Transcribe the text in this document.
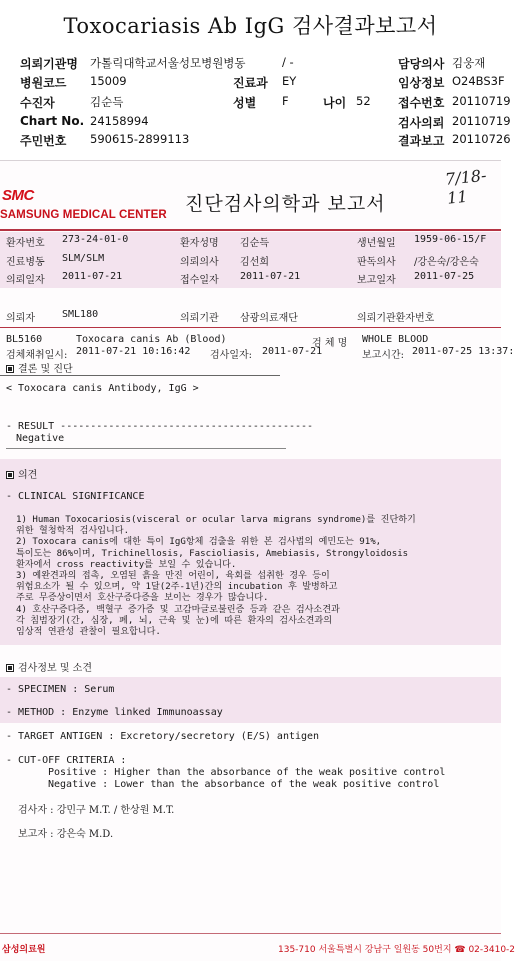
Toxocariasis Ab IgG 검사결과보고서
의뢰기관명 가톨릭대학교서울성모병원병동	/ -	담당의사 김웅재
병원코드 15009	진료과 EY	임상정보 O24BS3F
수진자	김순득	성별 F	나이 52 접수번호 20110719
Chart No. 24158994	검사의뢰 20110719
주민번호 590615-2899113	결과보고 20110726
7/18-11
SMC
SAMSUNG MEDICAL CENTER 진단검사의학과 보고서
환자번호 273-24-01-0	환자성명 김순득	생년월일 1959-06-15/F
진료병동 SLM/SLM	의뢰의사 김선희	판독의사 /강은숙/강은숙
의뢰일자 2011-07-21	접수일자 2011-07-21	보고일자 2011-07-25
의뢰자	SML180	의뢰기관 삼광의료재단	의뢰기관환자번호
BL5160	Toxocara canis Ab (Blood)	검 체 명 WHOLE BLOOD
검체채취일시: 2011-07-21 10:16:42 검사일자: 2011-07-21	보고시간: 2011-07-25 13:37:
결론 및 진단
< Toxocara canis Antibody, IgG >
- RESULT ------------------------------------------
Negative
의견
- CLINICAL SIGNIFICANCE
1) Human Toxocariosis(visceral or ocular larva migrans syndrome)를 진단하기
위한 혈청학적 검사입니다.
2) Toxocara canis에 대한 특이 IgG항체 검출을 위한 본 검사법의 예민도는 91%,
특이도는 86%이며, Trichinellosis, Fascioliasis, Amebiasis, Strongyloidosis
환자에서 cross reactivity를 보일 수 있습니다.
3) 예완견과의 접촉, 오염된 흙을 만진 어린이, 육회를 섭취한 경우 등이
위험요소가 될 수 있으며, 약 1달(2주-1년)간의 incubation 후 발병하고
주로 무증상이면서 호산구증다증을 보이는 경우가 많습니다.
4) 호산구증다증, 백혈구 증가증 및 고감마글로불린증 등과 같은 검사소견과
각 침범장기(간, 심장, 폐, 뇌, 근육 및 눈)에 따른 환자의 검사소견과의
임상적 연관성 관찰이 필요합니다.
검사정보 및 소견
- SPECIMEN : Serum
- METHOD : Enzyme linked Immunoassay
- TARGET ANTIGEN : Excretory/secretory (E/S) antigen
- CUT-OFF CRITERIA :
Positive : Higher than the absorbance of the weak positive control
Negative : Lower than the absorbance of the weak positive control
검사자 : 강민구 M.T. / 한상원 M.T.
보고자 : 강은숙 M.D.
삼성의료원	135-710 서울특별시 강남구 일원동 50번지 ☎ 02-3410-2
